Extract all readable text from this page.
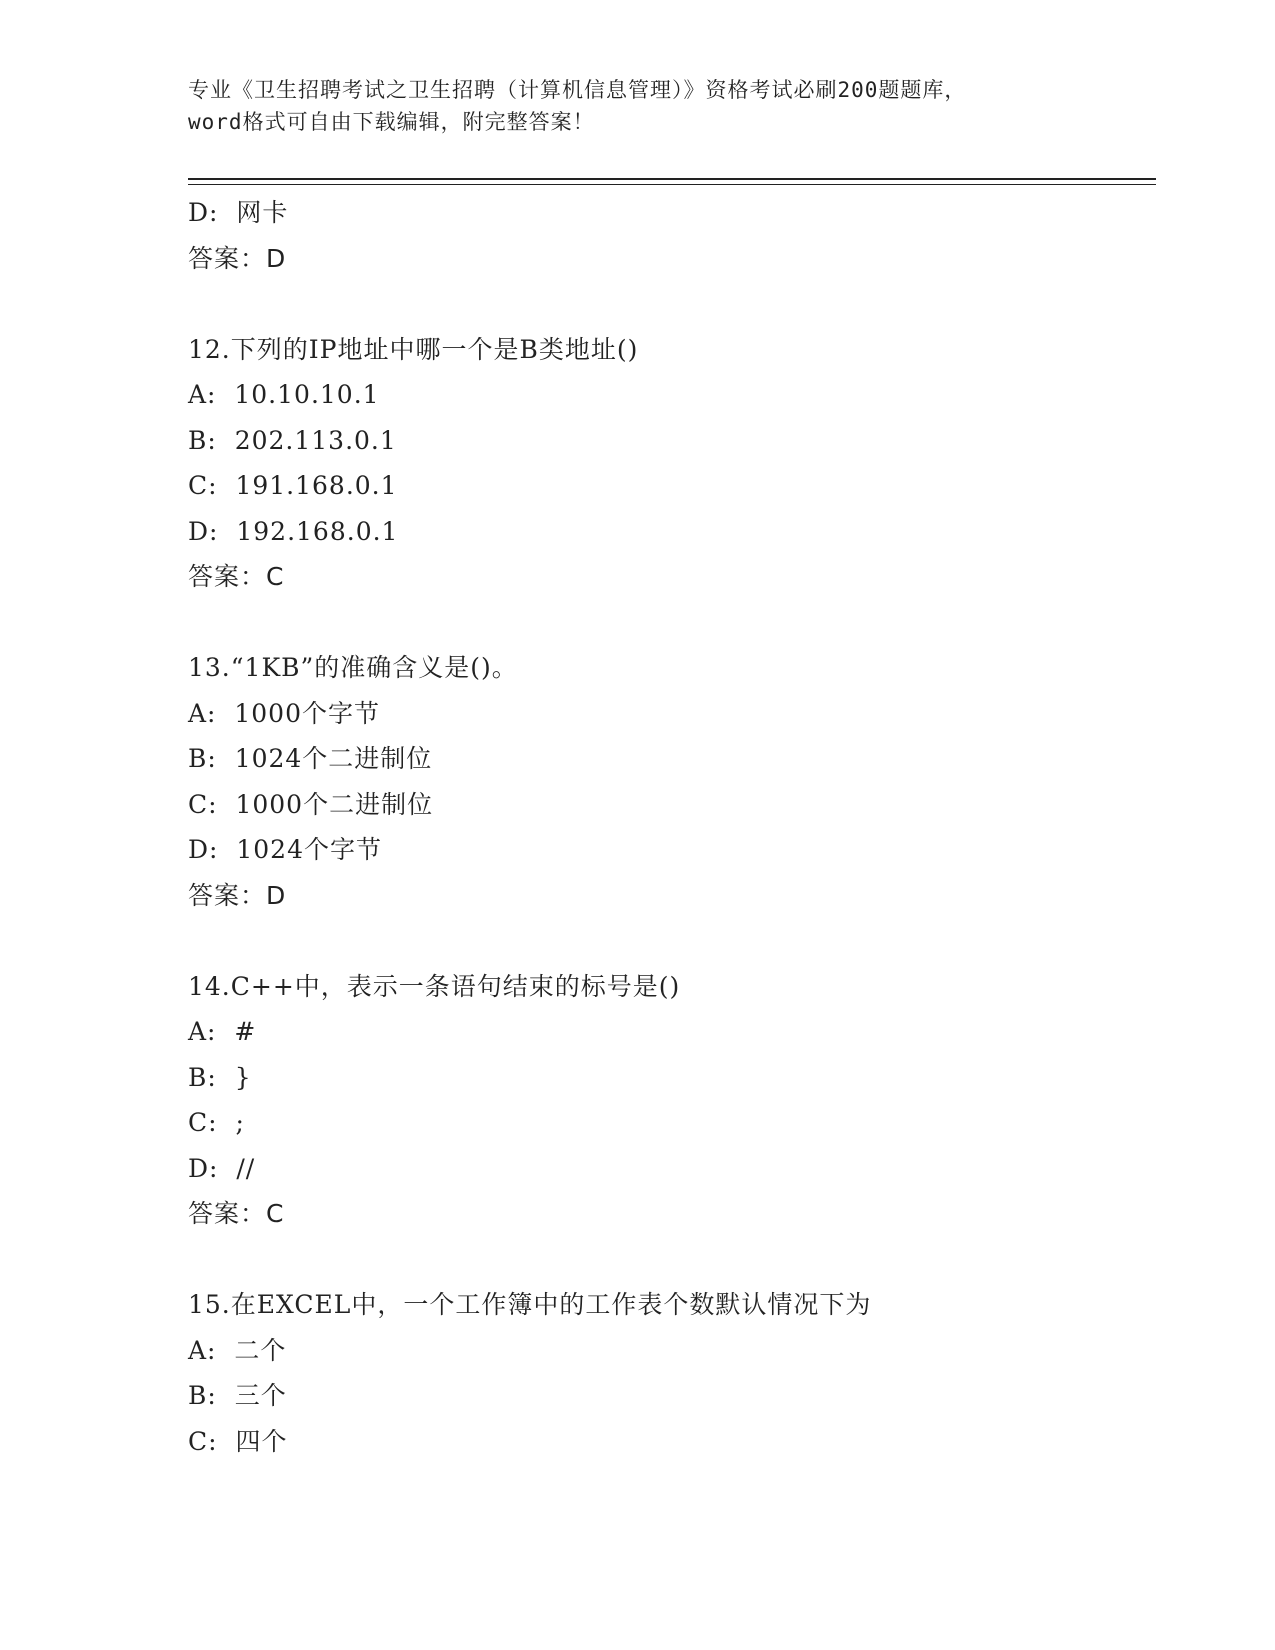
专业《卫生招聘考试之卫生招聘（计算机信息管理）》资格考试必刷200题题库，
word格式可自由下载编辑，附完整答案！
D:  网卡
答案：D
12.下列的IP地址中哪一个是B类地址()
A:  10.10.10.1
B:  202.113.0.1
C:  191.168.0.1
D:  192.168.0.1
答案：C
13.“1KB”的准确含义是()。
A:  1000个字节
B:  1024个二进制位
C:  1000个二进制位
D:  1024个字节
答案：D
14.C++中，表示一条语句结束的标号是()
A:  #
B:  }
C:  ;
D:  //
答案：C
15.在EXCEL中，一个工作簿中的工作表个数默认情况下为
A:  二个
B:  三个
C:  四个
